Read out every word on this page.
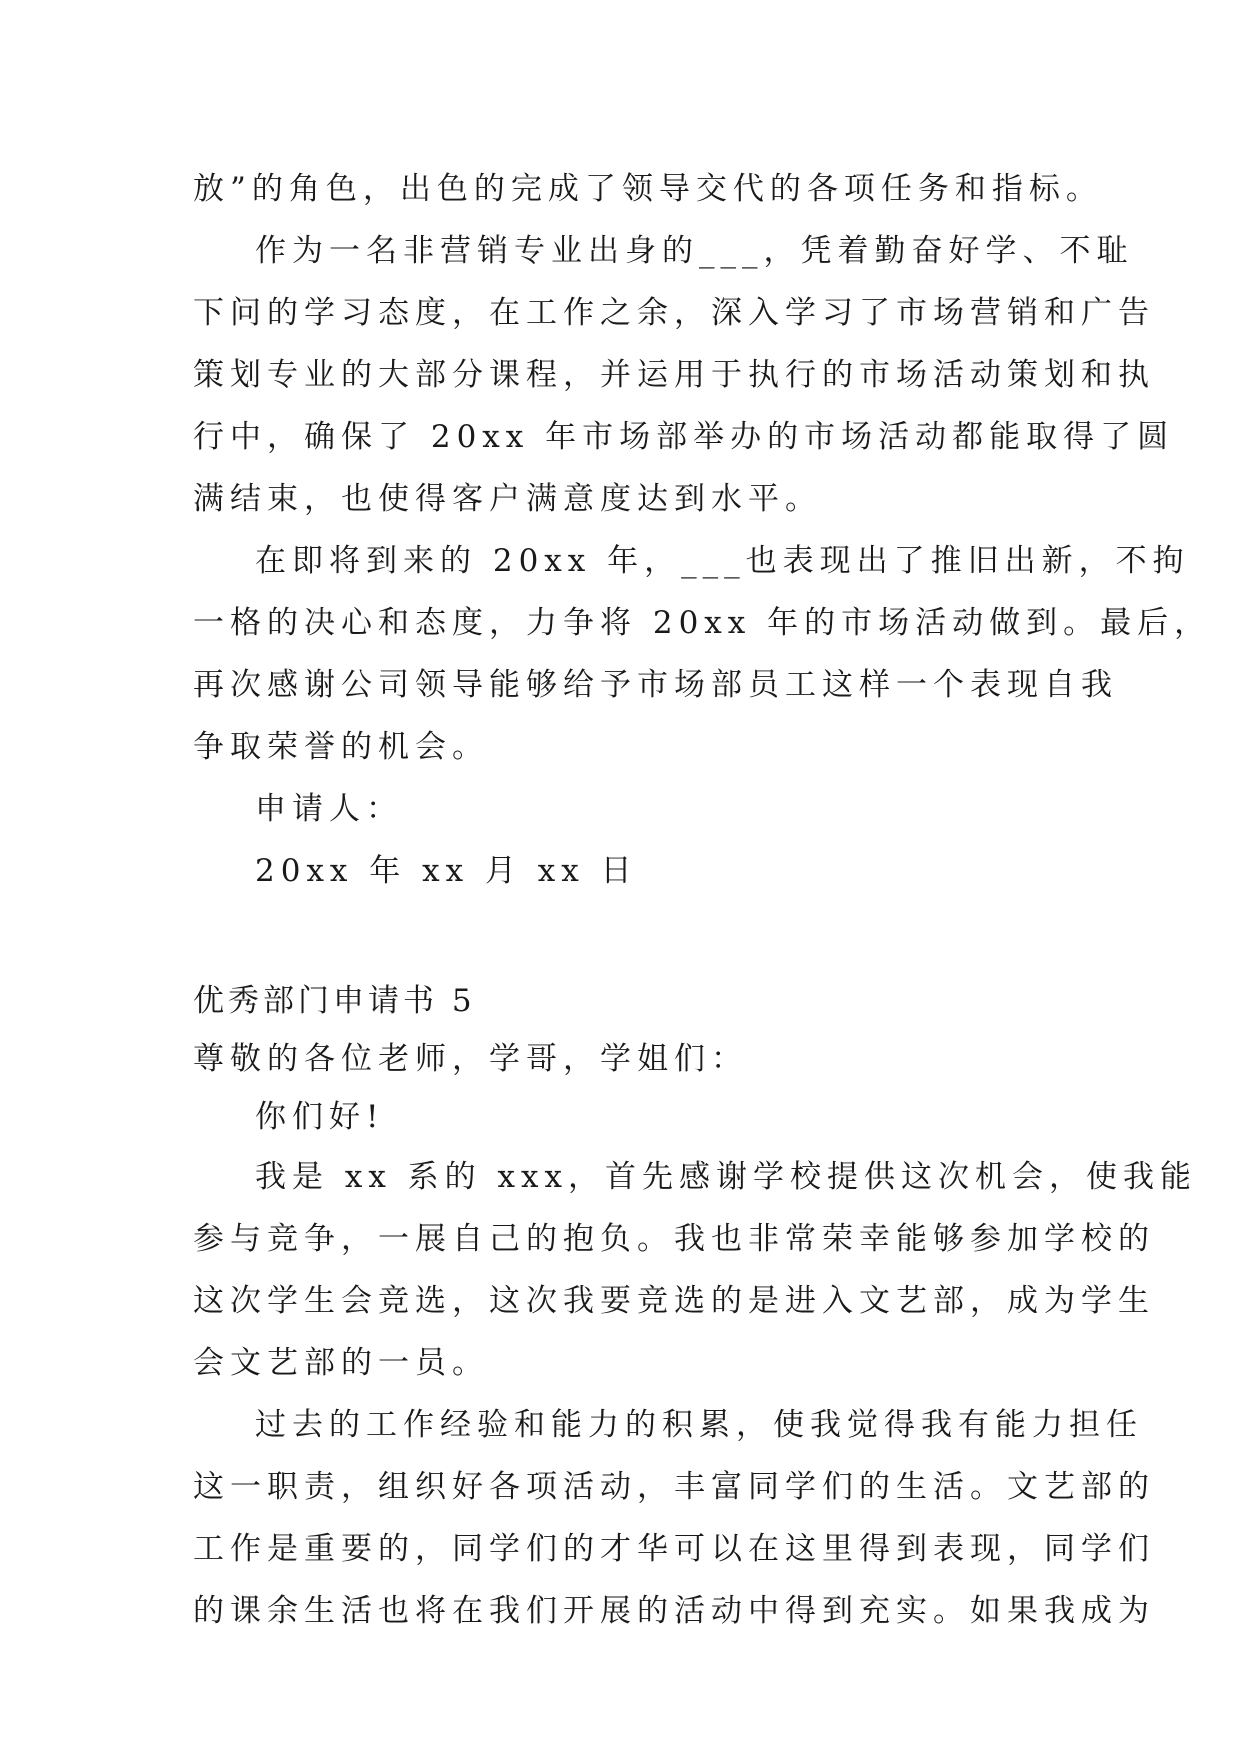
放”的角色，出色的完成了领导交代的各项任务和指标。
作为一名非营销专业出身的___，凭着勤奋好学、不耻
下问的学习态度，在工作之余，深入学习了市场营销和广告
策划专业的大部分课程，并运用于执行的市场活动策划和执
行中，确保了 20xx 年市场部举办的市场活动都能取得了圆
满结束，也使得客户满意度达到水平。
在即将到来的 20xx 年，___也表现出了推旧出新，不拘
一格的决心和态度，力争将 20xx 年的市场活动做到。最后，
再次感谢公司领导能够给予市场部员工这样一个表现自我
争取荣誉的机会。
申请人：
20xx 年 xx 月 xx 日
优秀部门申请书 5
尊敬的各位老师，学哥，学姐们：
你们好!
我是 xx 系的 xxx，首先感谢学校提供这次机会，使我能
参与竞争，一展自己的抱负。我也非常荣幸能够参加学校的
这次学生会竞选，这次我要竞选的是进入文艺部，成为学生
会文艺部的一员。
过去的工作经验和能力的积累，使我觉得我有能力担任
这一职责，组织好各项活动，丰富同学们的生活。文艺部的
工作是重要的，同学们的才华可以在这里得到表现，同学们
的课余生活也将在我们开展的活动中得到充实。如果我成为
